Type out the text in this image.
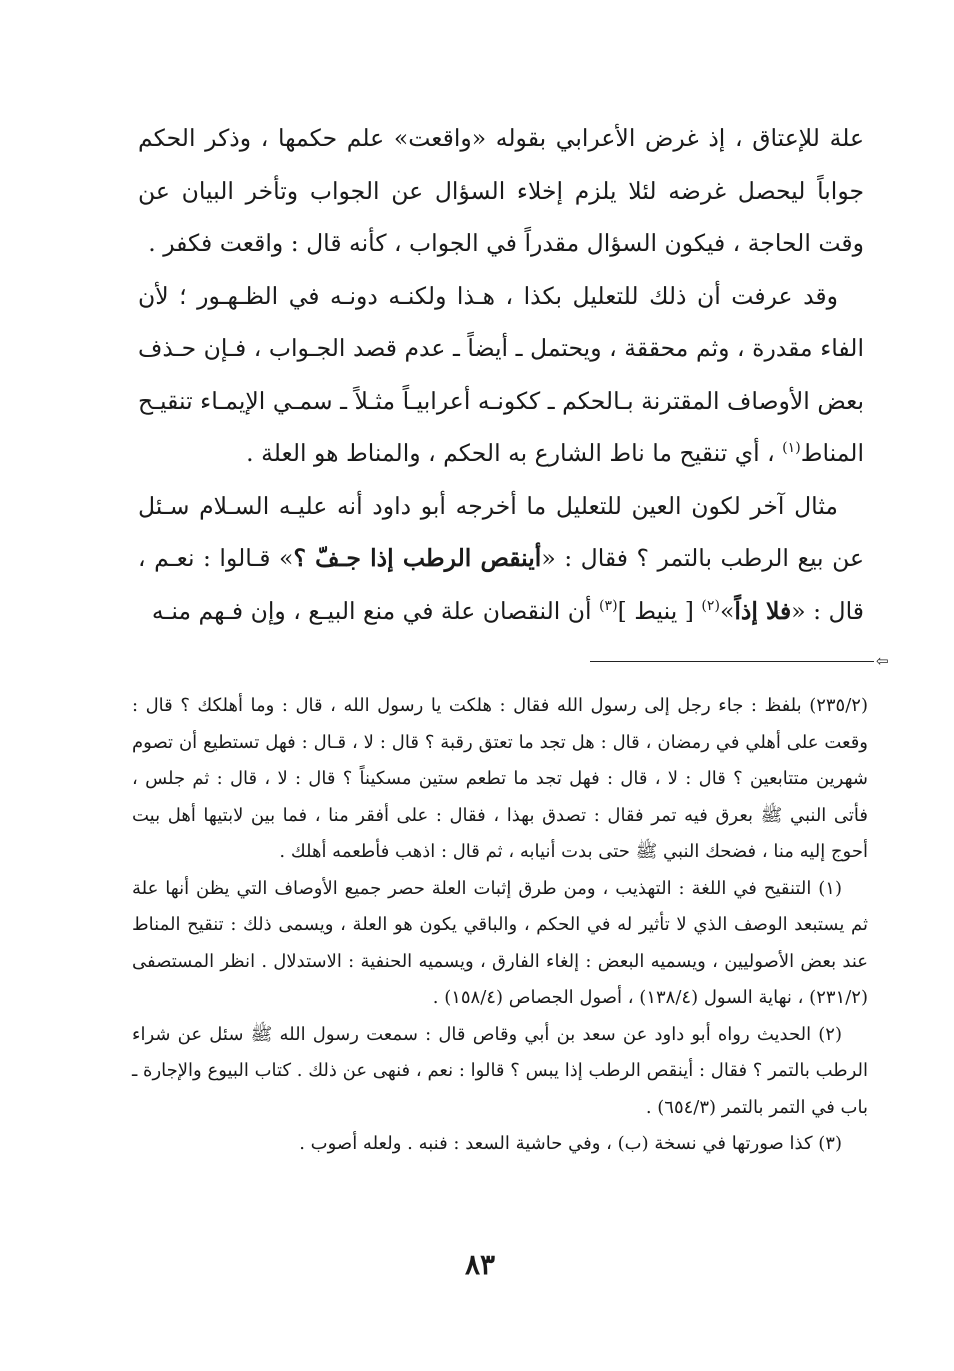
علة للإعتاق ، إذ غرض الأعرابي بقوله «واقعت» علم حكمها ، وذكر الحكم جواباً ليحصل غرضه لئلا يلزم إخلاء السؤال عن الجواب وتأخر البيان عن وقت الحاجة ، فيكون السؤال مقدراً في الجواب ، كأنه قال : واقعت فكفر .

وقد عرفت أن ذلك للتعليل بكذا ، هـذا ولكنـه دونـه في الظـهـور ؛ لأن الفاء مقدرة ، وثم محققة ، ويحتمل ـ أيضاً ـ عدم قصد الجـواب ، فـإن حـذف بعض الأوصاف المقترنة بـالحكم ـ ككونـه أعرابيـاً مثـلاً ـ سمـي الإيمـاء تنقيـح المناط$^{(١)}$ ، أي تنقيح ما ناط الشارع به الحكم ، والمناط هو العلة .

مثال آخر لكون العين للتعليل ما أخرجه أبو داود أنه عليـه السـلام سـئل عن بيع الرطب بالتمر ؟ فقال : «أينقص الرطب إذا جـفّ ؟» قـالوا : نعـم ، قال : «فلا إذاً»$^{(٢)}$ [ ينيط ]$^{(٣)}$ أن النقصان علة في منع البيـع ، وإن فـهم منـه

⇦

(٢٣٥/٢) بلفظ : جاء رجل إلى رسول الله فقال : هلكت يا رسول الله ، قال : وما أهلكك ؟ قال : وقعت على أهلي في رمضان ، قال : هل تجد ما تعتق رقبة ؟ قال : لا ، قـال : فهل تستطيع أن تصوم شهرين متتابعين ؟ قال : لا ، قال : فهل تجد ما تطعم ستين مسكيناً ؟ قال : لا ، قال : ثم جلس ، فأتى النبي ﷺ بعرق فيه تمر فقال : تصدق بهذا ، فقال : على أفقر منا ، فما بين لابتيها أهل بيت أحوج إليه منا ، فضحك النبي ﷺ حتى بدت أنيابه ، ثم قال : اذهب فأطعمه أهلك .

(١) التنقيح في اللغة : التهذيب ، ومن طرق إثبات العلة حصر جميع الأوصاف التي يظن أنها علة ثم يستبعد الوصف الذي لا تأثير له في الحكم ، والباقي يكون هو العلة ، ويسمى ذلك : تنقيح المناط عند بعض الأصوليين ، ويسميه البعض : إلغاء الفارق ، ويسميه الحنفية : الاستدلال . انظر المستصفى (٢٣١/٢) ، نهاية السول (١٣٨/٤) ، أصول الجصاص (١٥٨/٤) .

(٢) الحديث رواه أبو داود عن سعد بن أبي وقاص قال : سمعت رسول الله ﷺ سئل عن شراء الرطب بالتمر ؟ فقال : أينقص الرطب إذا يبس ؟ قالوا : نعم ، فنهى عن ذلك . كتاب البيوع والإجارة ـ باب في التمر بالتمر (٦٥٤/٣) .

(٣) كذا صورتها في نسخة (ب) ، وفي حاشية السعد : فنبه . ولعله أصوب .

٨٣
